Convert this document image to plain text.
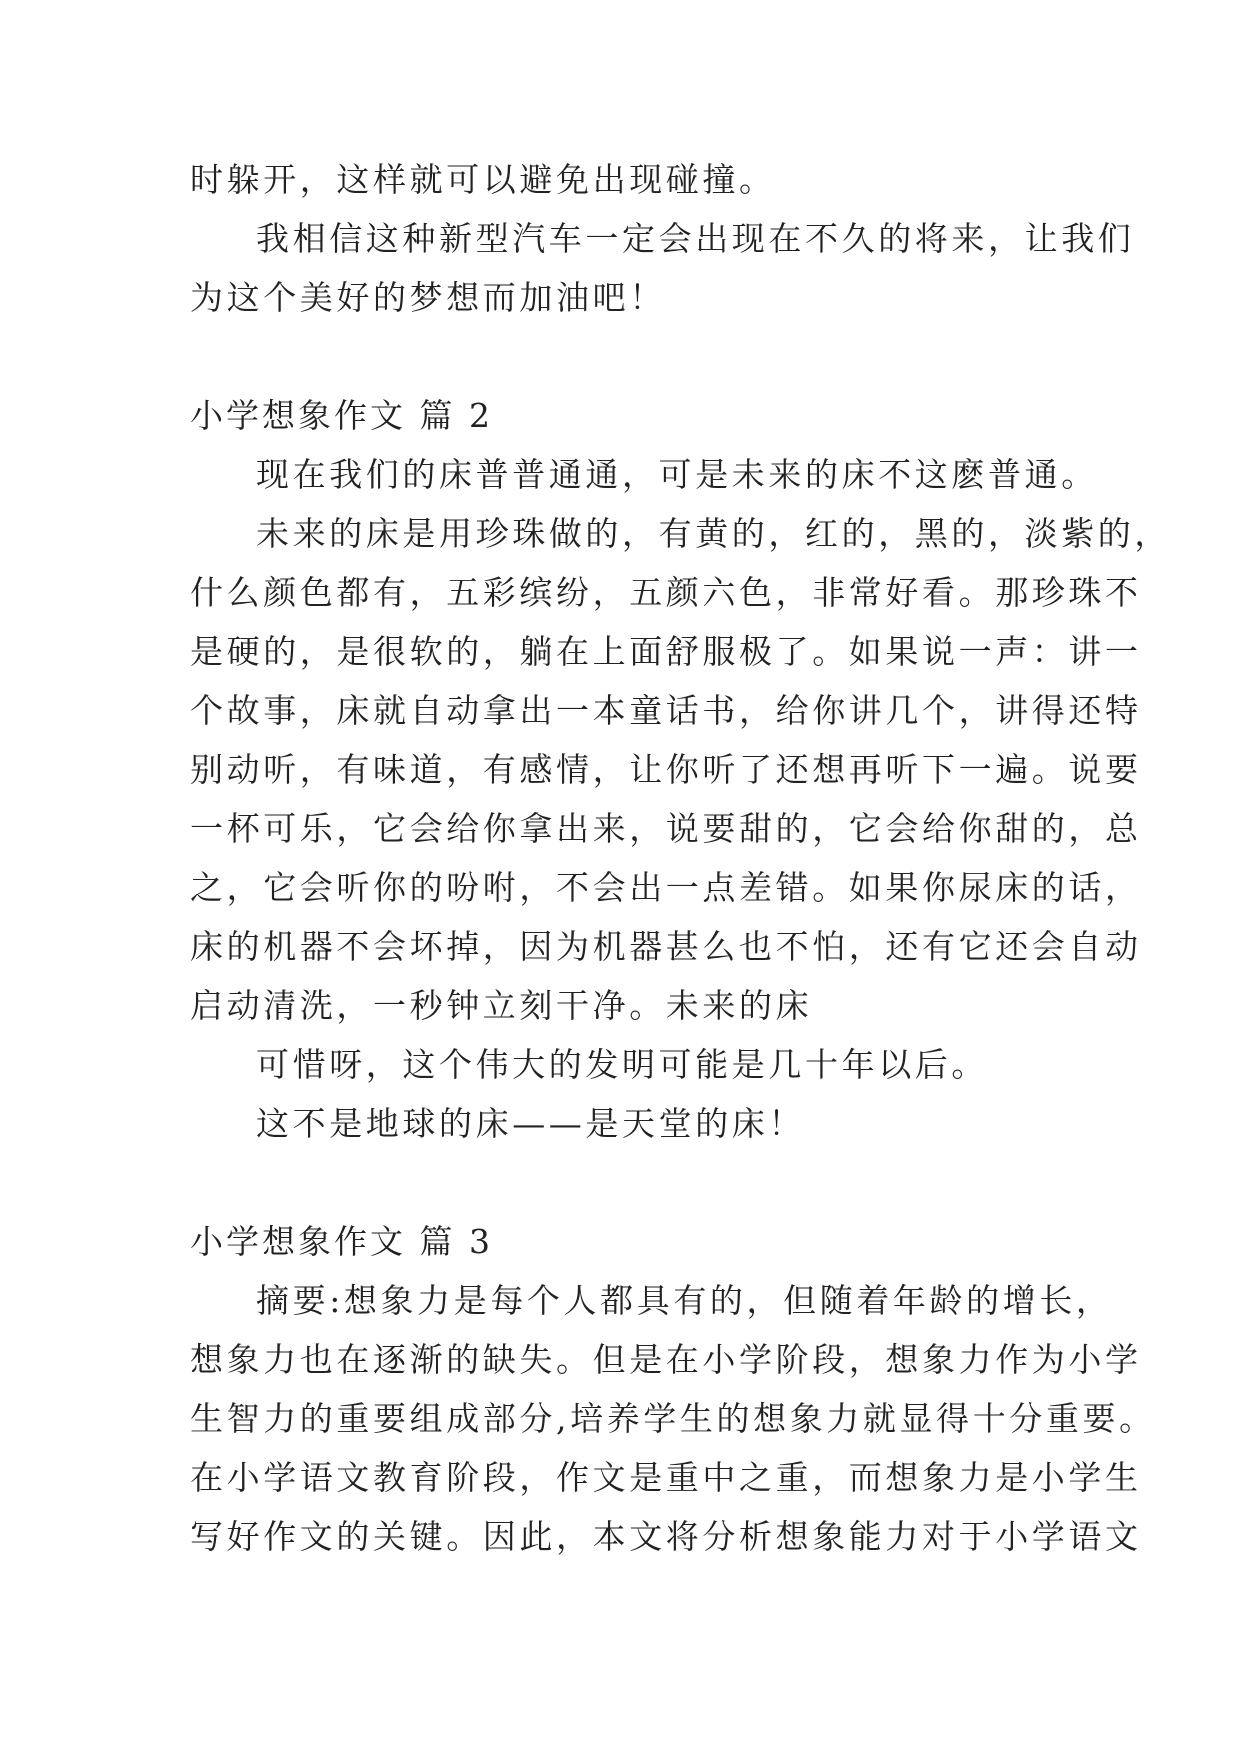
时躲开，这样就可以避免出现碰撞。
我相信这种新型汽车一定会出现在不久的将来，让我们
为这个美好的梦想而加油吧！
小学想象作文 篇 2
现在我们的床普普通通，可是未来的床不这麽普通。
未来的床是用珍珠做的，有黄的，红的，黑的，淡紫的，
什么颜色都有，五彩缤纷，五颜六色，非常好看。那珍珠不
是硬的，是很软的，躺在上面舒服极了。如果说一声：讲一
个故事，床就自动拿出一本童话书，给你讲几个，讲得还特
别动听，有味道，有感情，让你听了还想再听下一遍。说要
一杯可乐，它会给你拿出来，说要甜的，它会给你甜的，总
之，它会听你的吩咐，不会出一点差错。如果你尿床的话，
床的机器不会坏掉，因为机器甚么也不怕，还有它还会自动
启动清洗，一秒钟立刻干净。未来的床
可惜呀，这个伟大的发明可能是几十年以后。
这不是地球的床——是天堂的床！
小学想象作文 篇 3
摘要:想象力是每个人都具有的，但随着年龄的增长，
想象力也在逐渐的缺失。但是在小学阶段，想象力作为小学
生智力的重要组成部分,培养学生的想象力就显得十分重要。
在小学语文教育阶段，作文是重中之重，而想象力是小学生
写好作文的关键。因此，本文将分析想象能力对于小学语文
